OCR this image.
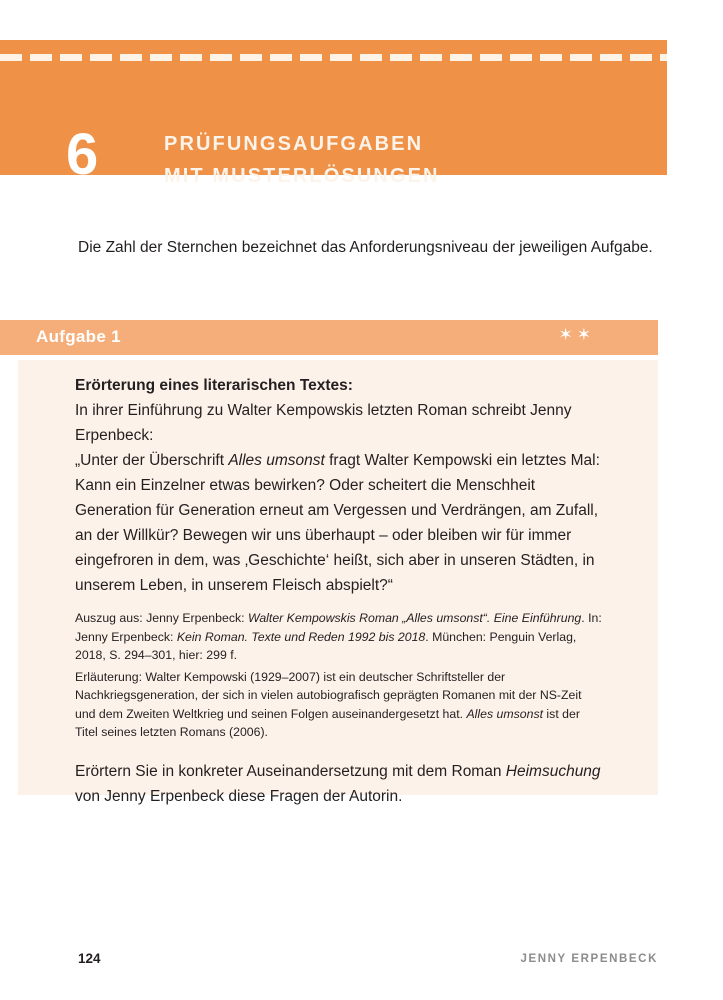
6	PRÜFUNGSAUFGABEN
MIT MUSTERLÖSUNGEN

Die Zahl der Sternchen bezeichnet das Anforderungsniveau der jeweiligen Aufgabe.

Aufgabe 1	✶✶
Erörterung eines literarischen Textes:
In ihrer Einführung zu Walter Kempowskis letzten Roman schreibt Jenny Erpenbeck:
„Unter der Überschrift Alles umsonst fragt Walter Kempowski ein letztes Mal: Kann ein Einzelner etwas bewirken? Oder scheitert die Menschheit Generation für Generation erneut am Vergessen und Verdrängen, am Zufall, an der Willkür? Bewegen wir uns überhaupt – oder bleiben wir für immer eingefroren in dem, was ‚Geschichte‘ heißt, sich aber in unseren Städten, in unserem Leben, in unserem Fleisch abspielt?“
Auszug aus: Jenny Erpenbeck: Walter Kempowskis Roman „Alles umsonst“. Eine Einführung. In: Jenny Erpenbeck: Kein Roman. Texte und Reden 1992 bis 2018. München: Penguin Verlag, 2018, S. 294–301, hier: 299 f.
Erläuterung: Walter Kempowski (1929–2007) ist ein deutscher Schriftsteller der Nachkriegsgeneration, der sich in vielen autobiografisch geprägten Romanen mit der NS-Zeit und dem Zweiten Weltkrieg und seinen Folgen auseinandergesetzt hat. Alles umsonst ist der Titel seines letzten Romans (2006).
Erörtern Sie in konkreter Auseinandersetzung mit dem Roman Heimsuchung von Jenny Erpenbeck diese Fragen der Autorin.
124	JENNY ERPENBECK
